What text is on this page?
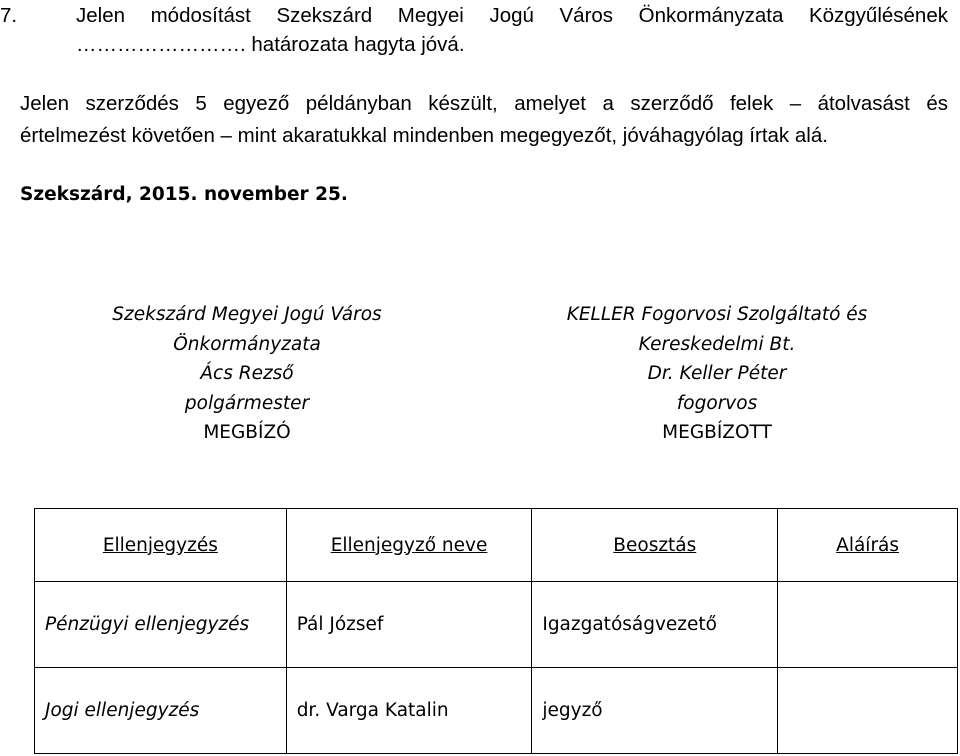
7.	Jelen módosítást Szekszárd Megyei Jogú Város Önkormányzata Közgyűlésének
……………………. határozata hagyta jóvá.
Jelen szerződés 5 egyező példányban készült, amelyet a szerződő felek – átolvasást és
értelmezést követően – mint akaratukkal mindenben megegyezőt, jóváhagyólag írtak alá.
Szekszárd, 2015. november 25.
Szekszárd Megyei Jogú Város
Önkormányzata
Ács Rezső
polgármester
MEGBÍZÓ
KELLER Fogorvosi Szolgáltató és
Kereskedelmi Bt.
Dr. Keller Péter
fogorvos
MEGBÍZOTT
Ellenjegyzés	Ellenjegyző neve	Beosztás	Aláírás
Pénzügyi ellenjegyzés	Pál József	Igazgatóságvezető	
Jogi ellenjegyzés	dr. Varga Katalin	jegyző	
